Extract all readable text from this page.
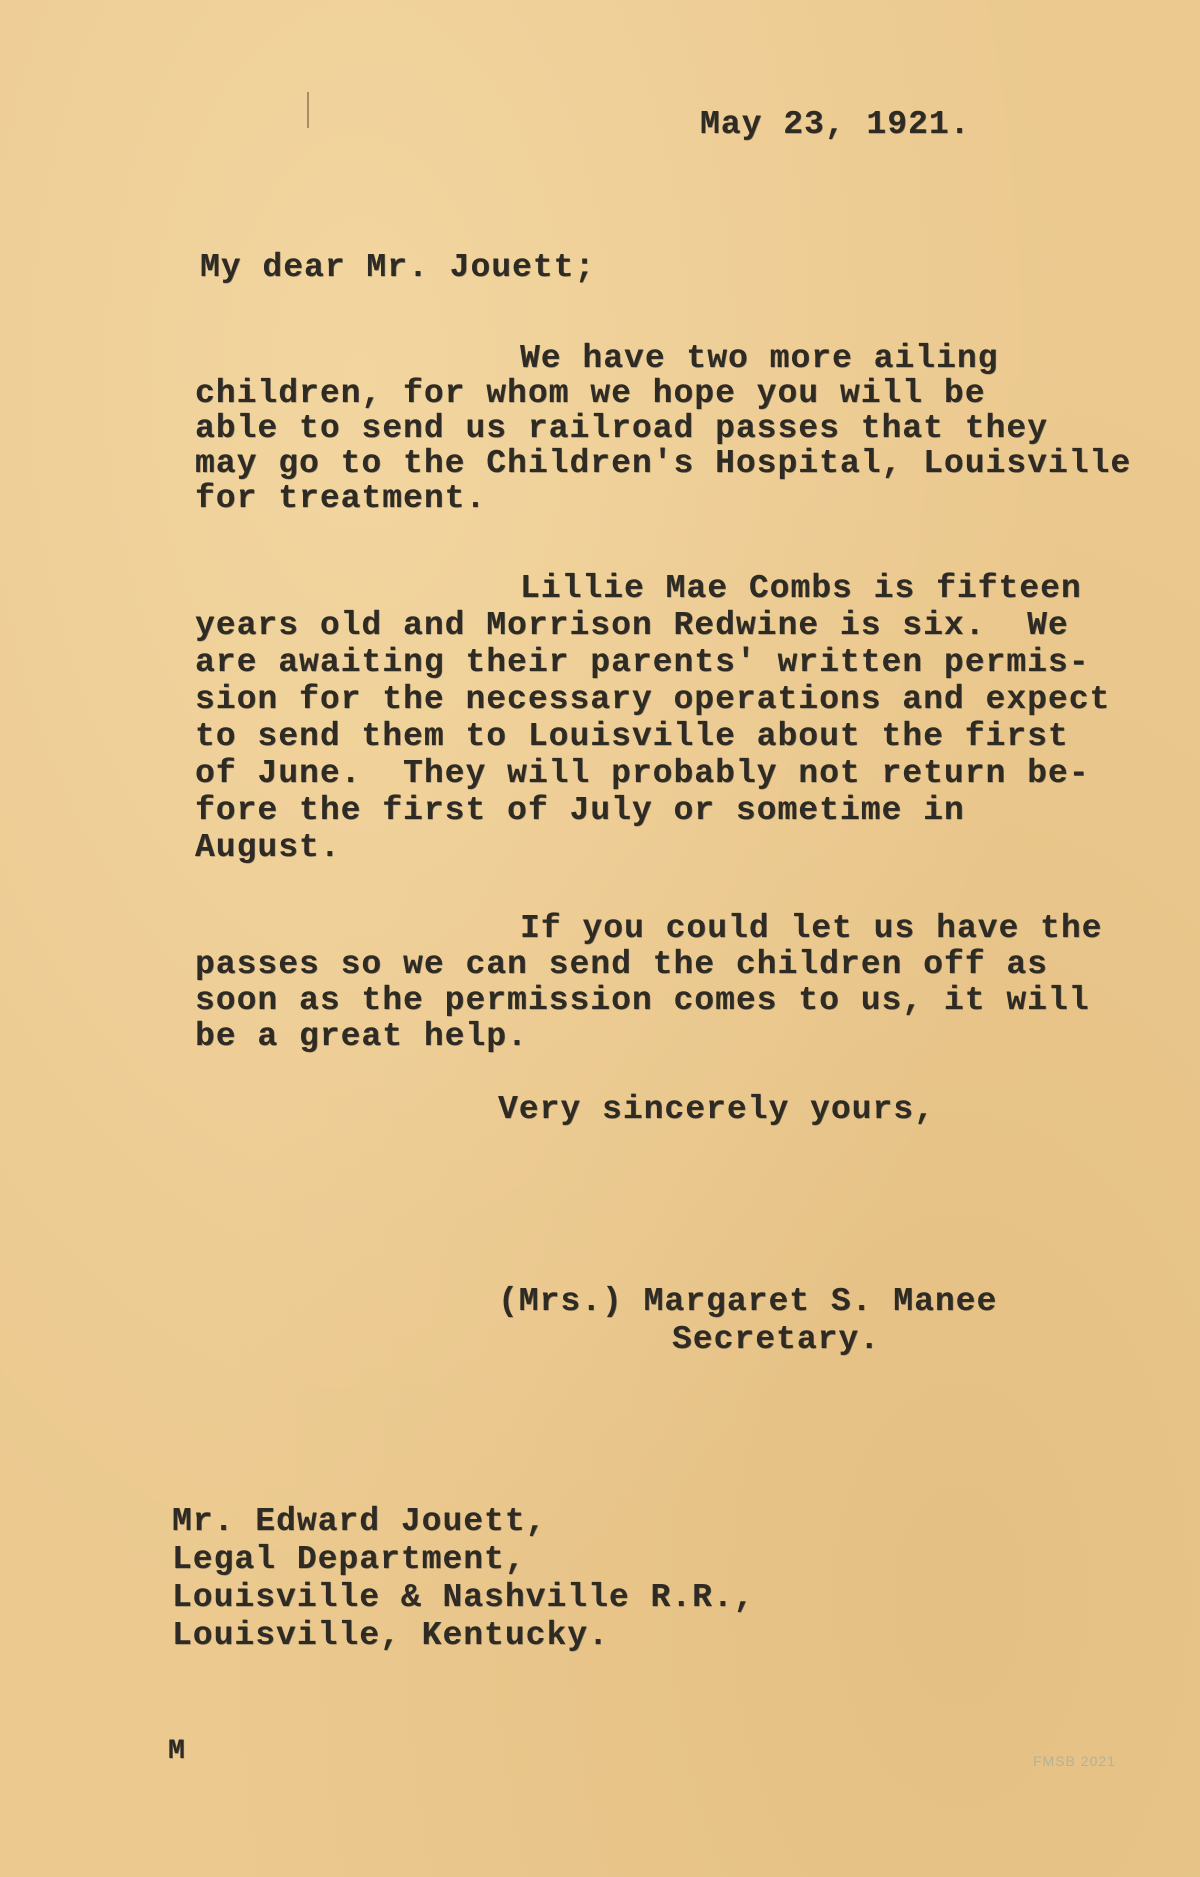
May 23, 1921.
My dear Mr. Jouett;
We have two more ailing
children, for whom we hope you will be
able to send us railroad passes that they
may go to the Children's Hospital, Louisville
for treatment.
Lillie Mae Combs is fifteen
years old and Morrison Redwine is six.  We
are awaiting their parents' written permis-
sion for the necessary operations and expect
to send them to Louisville about the first
of June.  They will probably not return be-
fore the first of July or sometime in
August.
If you could let us have the
passes so we can send the children off as
soon as the permission comes to us, it will
be a great help.
Very sincerely yours,
(Mrs.) Margaret S. Manee
Secretary.
Mr. Edward Jouett,
Legal Department,
Louisville & Nashville R.R.,
Louisville, Kentucky.
M	FMSB 2021
